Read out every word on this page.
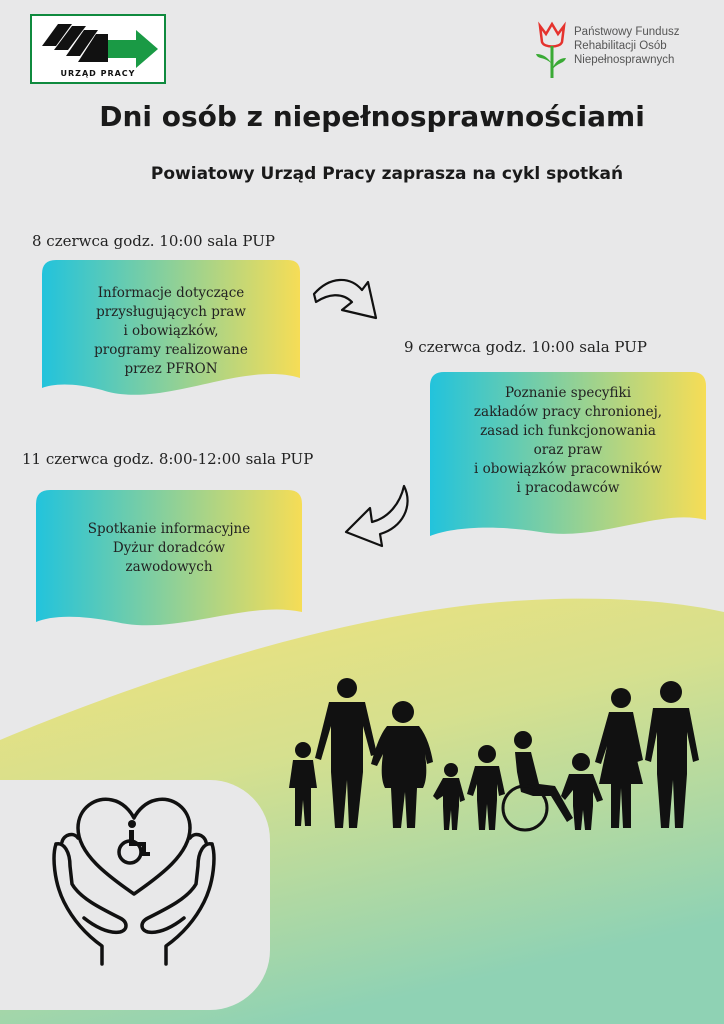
URZĄD PRACY
Państwowy Fundusz
Rehabilitacji Osób
Niepełnosprawnych
Dni osób z niepełnosprawnościami
Powiatowy Urząd Pracy zaprasza na cykl spotkań
8 czerwca godz. 10:00 sala PUP
Informacje dotyczące
przysługujących praw
i obowiązków,
programy realizowane
przez PFRON
9 czerwca godz. 10:00 sala PUP
Poznanie specyfiki
zakładów pracy chronionej,
zasad ich funkcjonowania
oraz praw
i obowiązków pracowników
i pracodawców
11 czerwca godz. 8:00-12:00 sala PUP
Spotkanie informacyjne
Dyżur doradców
zawodowych
